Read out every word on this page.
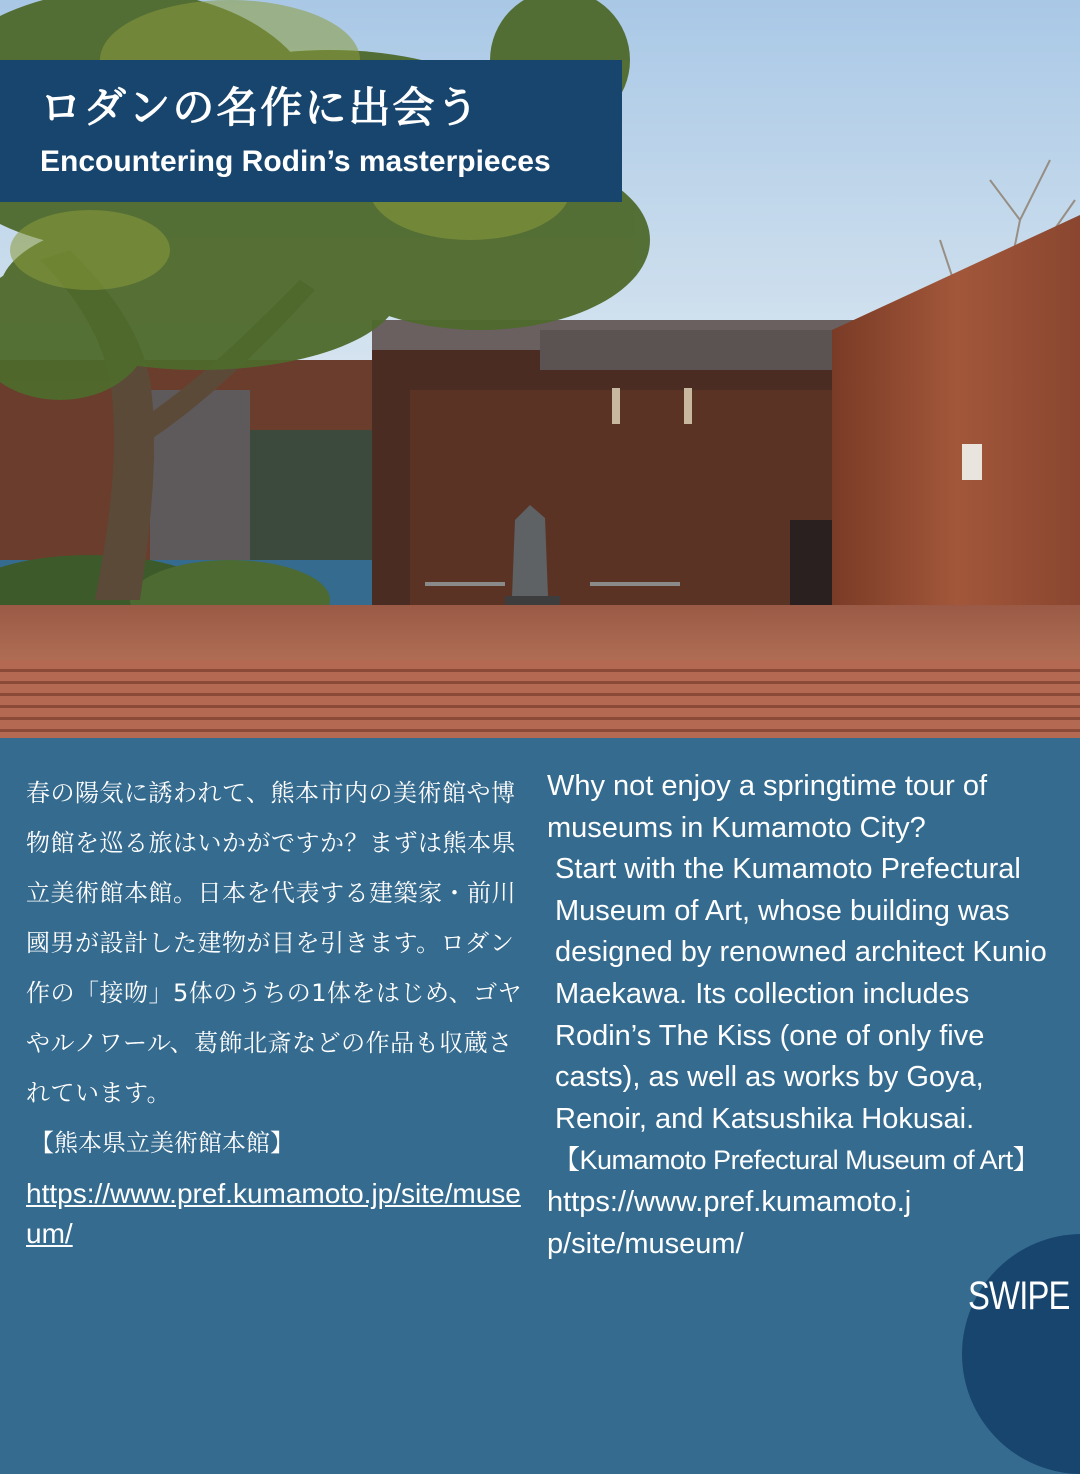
ロダンの名作に出会う
Encountering Rodin’s masterpieces

春の陽気に誘われて、熊本市内の美術館や博物館を巡る旅はいかがですか？まずは熊本県立美術館本館。日本を代表する建築家・前川國男が設計した建物が目を引きます。ロダン作の「接吻」5体のうちの1体をはじめ、ゴヤやルノワール、葛飾北斎などの作品も収蔵されています。

【熊本県立美術館本館】

https://www.pref.kumamoto.jp/site/museum/

Why not enjoy a springtime tour of museums in Kumamoto City?

Start with the Kumamoto Prefectural Museum of Art, whose building was designed by renowned architect Kunio Maekawa. Its collection includes Rodin’s The Kiss (one of only five casts), as well as works by Goya, Renoir, and Katsushika Hokusai.

【Kumamoto Prefectural Museum of Art】

https://www.pref.kumamoto.jp/site/museum/

SWIPE
